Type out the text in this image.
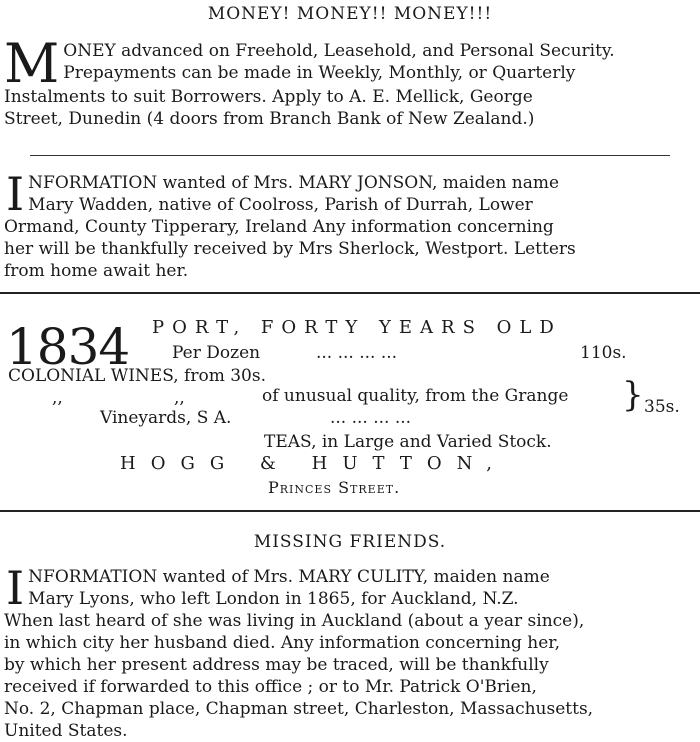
MONEY! MONEY!! MONEY!!!
M ONEY advanced on Freehold, Leasehold, and Personal Security.
Prepayments can be made in Weekly, Monthly, or Quarterly
Instalments to suit Borrowers. Apply to A. E. Mellick, George
Street, Dunedin (4 doors from Branch Bank of New Zealand.)
I NFORMATION wanted of Mrs. MARY JONSON, maiden name
Mary Wadden, native of Coolross, Parish of Durrah, Lower
Ormand, County Tipperary, Ireland Any information concerning
her will be thankfully received by Mrs Sherlock, Westport. Letters
from home await her.
1834 PORT, FORTY YEARS OLD
Per Dozen	... ... ... ...	110s.
COLONIAL WINES, from 30s.
,,	,,	of unusual quality, from the Grange
Vineyards, S A.	... ... ... ...
} 35s.
TEAS, in Large and Varied Stock.
HOGG & HUTTON,
Princes Street.
MISSING FRIENDS.
I NFORMATION wanted of Mrs. MARY CULITY, maiden name
Mary Lyons, who left London in 1865, for Auckland, N.Z.
When last heard of she was living in Auckland (about a year since),
in which city her husband died. Any information concerning her,
by which her present address may be traced, will be thankfully
received if forwarded to this office ; or to Mr. Patrick O'Brien,
No. 2, Chapman place, Chapman street, Charleston, Massachusetts,
United States.
